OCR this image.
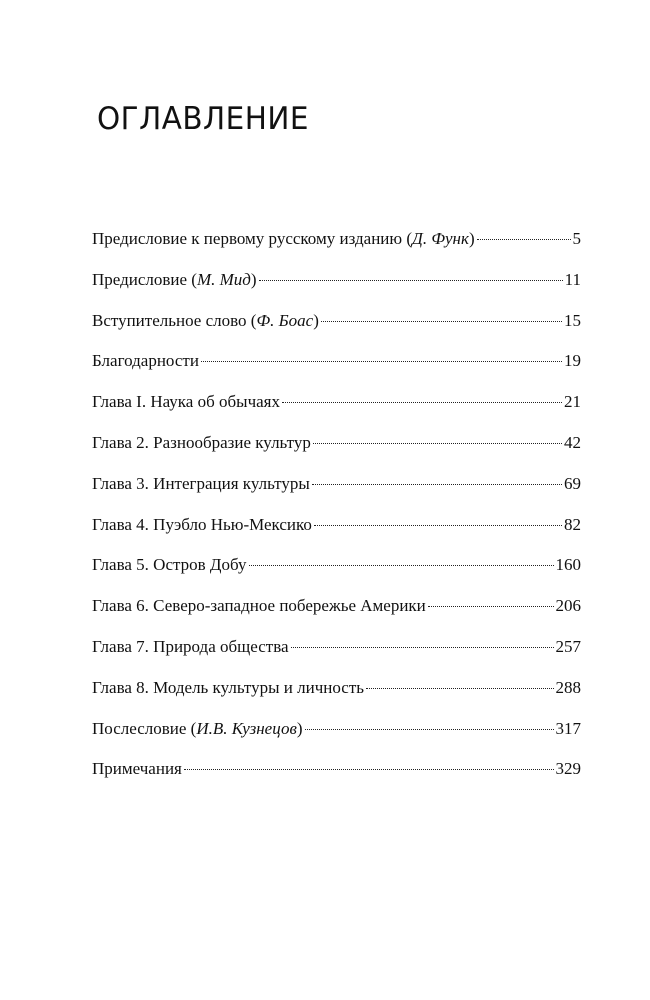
ОГЛАВЛЕНИЕ
Предисловие к первому русскому изданию (Д. Функ)	5
Предисловие (М. Мид)	11
Вступительное слово (Ф. Боас)	15
Благодарности	19
Глава I. Наука об обычаях	21
Глава 2. Разнообразие культур	42
Глава 3. Интеграция культуры	69
Глава 4. Пуэбло Нью-Мексико	82
Глава 5. Остров Добу	160
Глава 6. Северо-западное побережье Америки	206
Глава 7. Природа общества	257
Глава 8. Модель культуры и личность	288
Послесловие (И.В. Кузнецов)	317
Примечания	329
